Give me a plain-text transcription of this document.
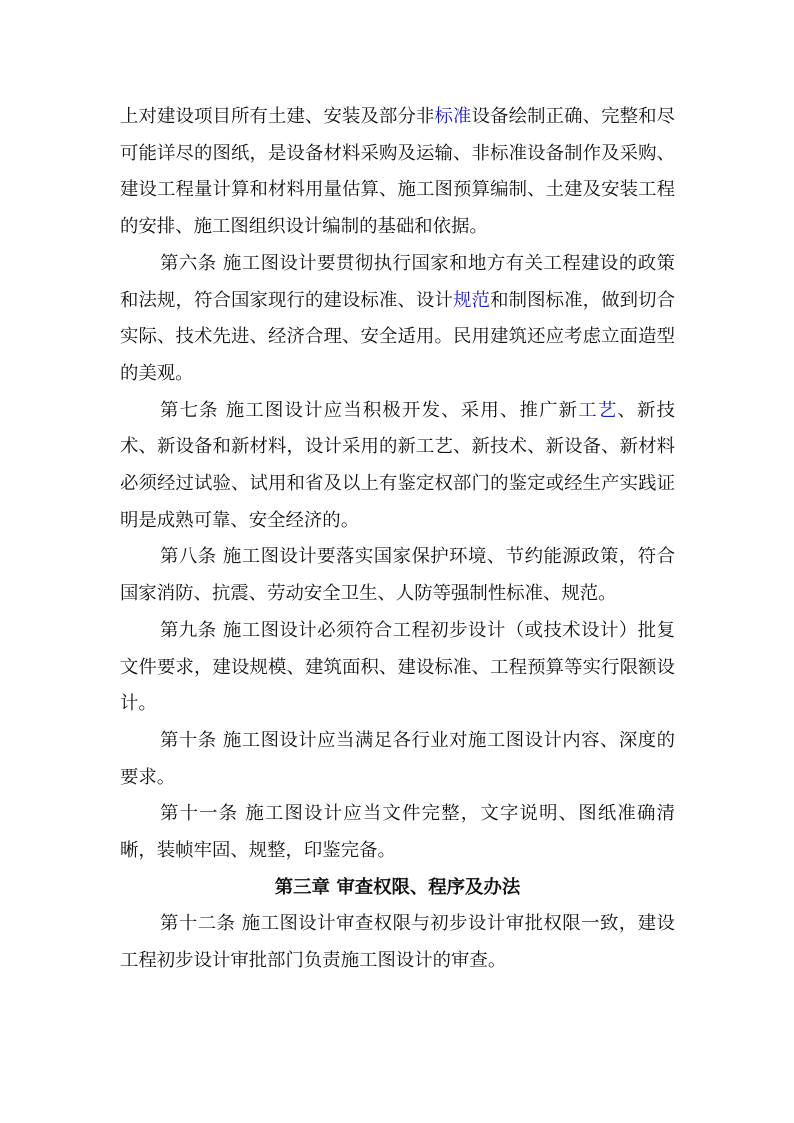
上对建设项目所有土建、安装及部分非标准设备绘制正确、完整和尽可能详尽的图纸，是设备材料采购及运输、非标准设备制作及采购、建设工程量计算和材料用量估算、施工图预算编制、土建及安装工程的安排、施工图组织设计编制的基础和依据。

第六条 施工图设计要贯彻执行国家和地方有关工程建设的政策和法规，符合国家现行的建设标准、设计规范和制图标准，做到切合实际、技术先进、经济合理、安全适用。民用建筑还应考虑立面造型的美观。

第七条 施工图设计应当积极开发、采用、推广新工艺、新技术、新设备和新材料，设计采用的新工艺、新技术、新设备、新材料必须经过试验、试用和省及以上有鉴定权部门的鉴定或经生产实践证明是成熟可靠、安全经济的。

第八条 施工图设计要落实国家保护环境、节约能源政策，符合国家消防、抗震、劳动安全卫生、人防等强制性标准、规范。

第九条 施工图设计必须符合工程初步设计（或技术设计）批复文件要求，建设规模、建筑面积、建设标准、工程预算等实行限额设计。

第十条 施工图设计应当满足各行业对施工图设计内容、深度的要求。

第十一条 施工图设计应当文件完整，文字说明、图纸准确清晰，装帧牢固、规整，印鉴完备。

第三章 审查权限、程序及办法

第十二条 施工图设计审查权限与初步设计审批权限一致，建设工程初步设计审批部门负责施工图设计的审查。
